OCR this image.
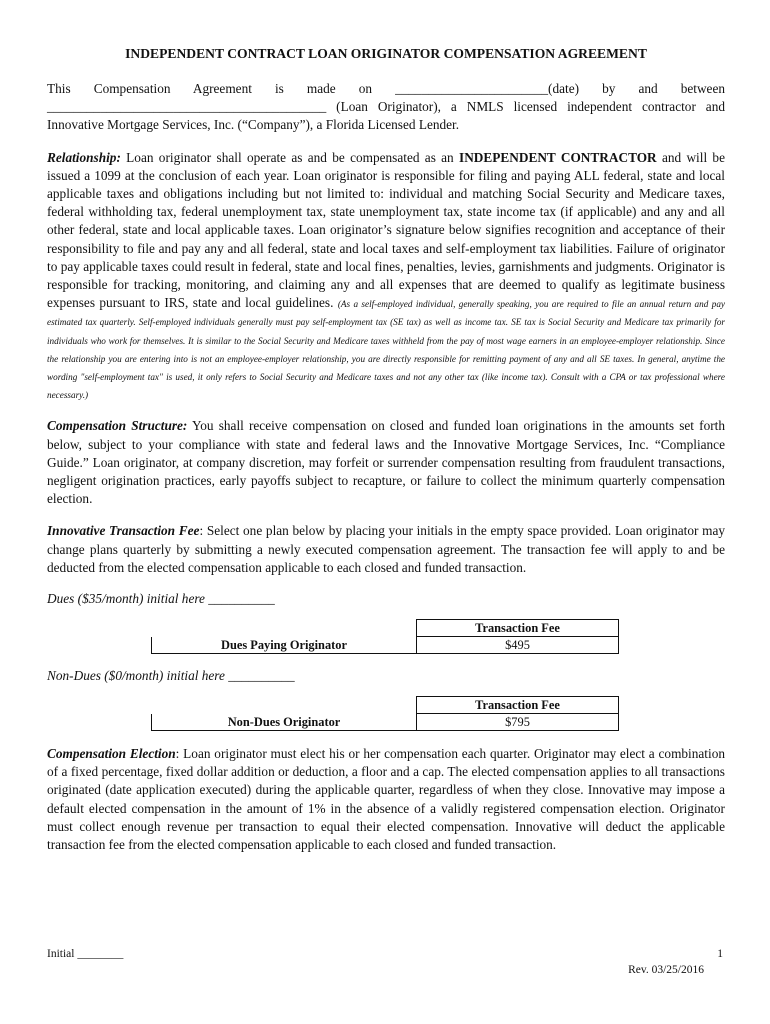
INDEPENDENT CONTRACT LOAN ORIGINATOR COMPENSATION AGREEMENT

This Compensation Agreement is made on _______________________(date) by and between __________________________________________ (Loan Originator), a NMLS licensed independent contractor and Innovative Mortgage Services, Inc. (“Company”), a Florida Licensed Lender.

Relationship: Loan originator shall operate as and be compensated as an INDEPENDENT CONTRACTOR and will be issued a 1099 at the conclusion of each year. Loan originator is responsible for filing and paying ALL federal, state and local applicable taxes and obligations including but not limited to: individual and matching Social Security and Medicare taxes, federal withholding tax, federal unemployment tax, state unemployment tax, state income tax (if applicable) and any and all other federal, state and local applicable taxes. Loan originator’s signature below signifies recognition and acceptance of their responsibility to file and pay any and all federal, state and local taxes and self-employment tax liabilities. Failure of originator to pay applicable taxes could result in federal, state and local fines, penalties, levies, garnishments and judgments. Originator is responsible for tracking, monitoring, and claiming any and all expenses that are deemed to qualify as legitimate business expenses pursuant to IRS, state and local guidelines. (As a self-employed individual, generally speaking, you are required to file an annual return and pay estimated tax quarterly. Self-employed individuals generally must pay self-employment tax (SE tax) as well as income tax. SE tax is Social Security and Medicare tax primarily for individuals who work for themselves. It is similar to the Social Security and Medicare taxes withheld from the pay of most wage earners in an employee-employer relationship. Since the relationship you are entering into is not an employee-employer relationship, you are directly responsible for remitting payment of any and all SE taxes. In general, anytime the wording "self-employment tax" is used, it only refers to Social Security and Medicare taxes and not any other tax (like income tax). Consult with a CPA or tax professional where necessary.)

Compensation Structure: You shall receive compensation on closed and funded loan originations in the amounts set forth below, subject to your compliance with state and federal laws and the Innovative Mortgage Services, Inc. “Compliance Guide.” Loan originator, at company discretion, may forfeit or surrender compensation resulting from fraudulent transactions, negligent origination practices, early payoffs subject to recapture, or failure to collect the minimum quarterly compensation election.

Innovative Transaction Fee: Select one plan below by placing your initials in the empty space provided. Loan originator may change plans quarterly by submitting a newly executed compensation agreement. The transaction fee will apply to and be deducted from the elected compensation applicable to each closed and funded transaction.

Dues ($35/month) initial here __________
	Transaction Fee
Dues Paying Originator	$495
Non-Dues ($0/month) initial here __________
	Transaction Fee
Non-Dues Originator	$795

Compensation Election: Loan originator must elect his or her compensation each quarter. Originator may elect a combination of a fixed percentage, fixed dollar addition or deduction, a floor and a cap. The elected compensation applies to all transactions originated (date application executed) during the applicable quarter, regardless of when they close. Innovative may impose a default elected compensation in the amount of 1% in the absence of a validly registered compensation election. Originator must collect enough revenue per transaction to equal their elected compensation. Innovative will deduct the applicable transaction fee from the elected compensation applicable to each closed and funded transaction.

Initial ________	1
Rev. 03/25/2016
